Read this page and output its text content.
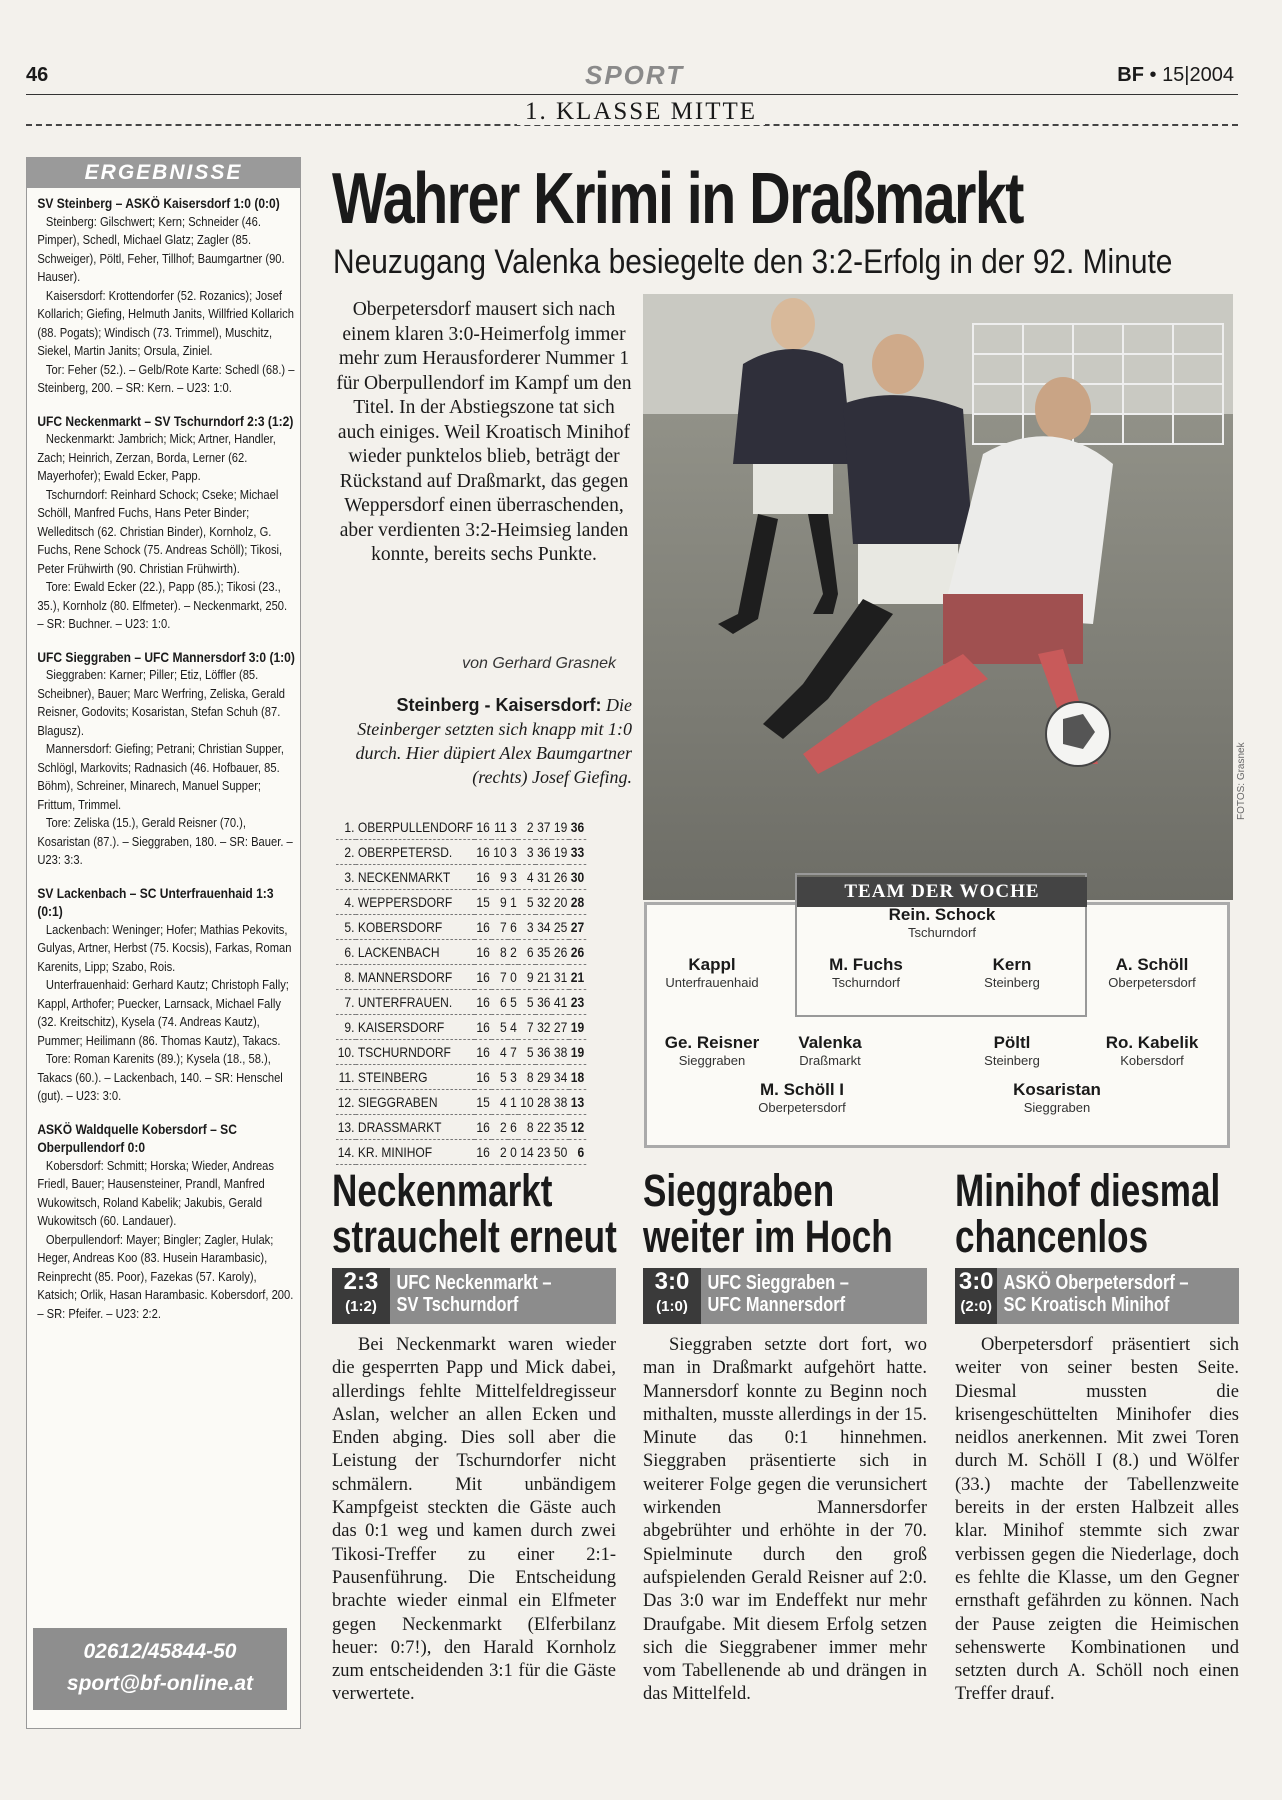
46	SPORT	BF • 15|2004
1. KLASSE MITTE
ERGEBNISSE
SV Steinberg – ASKÖ Kaisersdorf 1:0 (0:0)
Steinberg: Gilschwert; Kern; Schneider (46. Pimper), Schedl, Michael Glatz; Zagler (85. Schweiger), Pöltl, Feher, Tillhof; Baumgartner (90. Hauser).
Kaisersdorf: Krottendorfer (52. Rozanics); Josef Kollarich; Giefing, Helmuth Janits, Willfried Kollarich (88. Pogats); Windisch (73. Trimmel), Muschitz, Siekel, Martin Janits; Orsula, Ziniel.
Tor: Feher (52.). – Gelb/Rote Karte: Schedl (68.) – Steinberg, 200. – SR: Kern. – U23: 1:0.
UFC Neckenmarkt – SV Tschurndorf 2:3 (1:2)
Neckenmarkt: Jambrich; Mick; Artner, Handler, Zach; Heinrich, Zerzan, Borda, Lerner (62. Mayerhofer); Ewald Ecker, Papp.
Tschurndorf: Reinhard Schock; Cseke; Michael Schöll, Manfred Fuchs, Hans Peter Binder; Welleditsch (62. Christian Binder), Kornholz, G. Fuchs, Rene Schock (75. Andreas Schöll); Tikosi, Peter Frühwirth (90. Christian Frühwirth).
Tore: Ewald Ecker (22.), Papp (85.); Tikosi (23., 35.), Kornholz (80. Elfmeter). – Neckenmarkt, 250. – SR: Buchner. – U23: 1:0.
UFC Sieggraben – UFC Mannersdorf 3:0 (1:0)
Sieggraben: Karner; Piller; Etiz, Löffler (85. Scheibner), Bauer; Marc Werfring, Zeliska, Gerald Reisner, Godovits; Kosaristan, Stefan Schuh (87. Blagusz).
Mannersdorf: Giefing; Petrani; Christian Supper, Schlögl, Markovits; Radnasich (46. Hofbauer, 85. Böhm), Schreiner, Minarech, Manuel Supper; Frittum, Trimmel.
Tore: Zeliska (15.), Gerald Reisner (70.), Kosaristan (87.). – Sieggraben, 180. – SR: Bauer. – U23: 3:3.
SV Lackenbach – SC Unterfrauenhaid 1:3 (0:1)
Lackenbach: Weninger; Hofer; Mathias Pekovits, Gulyas, Artner, Herbst (75. Kocsis), Farkas, Roman Karenits, Lipp; Szabo, Rois.
Unterfrauenhaid: Gerhard Kautz; Christoph Fally; Kappl, Arthofer; Puecker, Larnsack, Michael Fally (32. Kreitschitz), Kysela (74. Andreas Kautz), Pummer; Heilimann (86. Thomas Kautz), Takacs.
Tore: Roman Karenits (89.); Kysela (18., 58.), Takacs (60.). – Lackenbach, 140. – SR: Henschel (gut). – U23: 3:0.
ASKÖ Waldquelle Kobersdorf – SC Oberpullendorf 0:0
Kobersdorf: Schmitt; Horska; Wieder, Andreas Friedl, Bauer; Hausensteiner, Prandl, Manfred Wukowitsch, Roland Kabelik; Jakubis, Gerald Wukowitsch (60. Landauer).
Oberpullendorf: Mayer; Bingler; Zagler, Hulak; Heger, Andreas Koo (83. Husein Harambasic), Reinprecht (85. Poor), Fazekas (57. Karoly), Katsich; Orlik, Hasan Harambasic. Kobersdorf, 200. – SR: Pfeifer. – U23: 2:2.
02612/45844-50
sport@bf-online.at
Wahrer Krimi in Draßmarkt
Neuzugang Valenka besiegelte den 3:2-Erfolg in der 92. Minute
Oberpetersdorf mausert sich nach einem klaren 3:0-Heimerfolg immer mehr zum Herausforderer Nummer 1 für Oberpullendorf im Kampf um den Titel. In der Abstiegszone tat sich auch einiges. Weil Kroatisch Minihof wieder punktelos blieb, beträgt der Rückstand auf Draßmarkt, das gegen Weppersdorf einen überraschenden, aber verdienten 3:2-Heimsieg landen konnte, bereits sechs Punkte.
von Gerhard Grasnek
Steinberg - Kaisersdorf: Die Steinberger setzten sich knapp mit 1:0 durch. Hier düpiert Alex Baumgartner (rechts) Josef Giefing.	FOTOS: Grasnek
1.	OBERPULLENDORF	16	11	3	2	37	19	36
2.	OBERPETERSD.	16	10	3	3	36	19	33
3.	NECKENMARKT	16	9	3	4	31	26	30
4.	WEPPERSDORF	15	9	1	5	32	20	28
5.	KOBERSDORF	16	7	6	3	34	25	27
6.	LACKENBACH	16	8	2	6	35	26	26
8.	MANNERSDORF	16	7	0	9	21	31	21
7.	UNTERFRAUEN.	16	6	5	5	36	41	23
9.	KAISERSDORF	16	5	4	7	32	27	19
10.	TSCHURNDORF	16	4	7	5	36	38	19
11.	STEINBERG	16	5	3	8	29	34	18
12.	SIEGGRABEN	15	4	1	10	28	38	13
13.	DRASSMARKT	16	2	6	8	22	35	12
14.	KR. MINIHOF	16	2	0	14	23	50	6
TEAM DER WOCHE
Rein. Schock
Tschurndorf
Kappl
Unterfrauenhaid
M. Fuchs
Tschurndorf
Kern
Steinberg
A. Schöll
Oberpetersdorf
Ge. Reisner
Sieggraben
Valenka
Draßmarkt
Pöltl
Steinberg
Ro. Kabelik
Kobersdorf
M. Schöll I
Oberpetersdorf
Kosaristan
Sieggraben
Neckenmarkt
strauchelt erneut
2:3
(1:2)
UFC Neckenmarkt –
SV Tschurndorf
Bei Neckenmarkt waren wieder die gesperrten Papp und Mick dabei, allerdings fehlte Mittelfeldregisseur Aslan, welcher an allen Ecken und Enden abging. Dies soll aber die Leistung der Tschurndorfer nicht schmälern. Mit unbändigem Kampfgeist steckten die Gäste auch das 0:1 weg und kamen durch zwei Tikosi-Treffer zu einer 2:1-Pausenführung. Die Entscheidung brachte wieder einmal ein Elfmeter gegen Neckenmarkt (Elferbilanz heuer: 0:7!), den Harald Kornholz zum entscheidenden 3:1 für die Gäste verwertete.
Sieggraben
weiter im Hoch
3:0
(1:0)
UFC Sieggraben –
UFC Mannersdorf
Sieggraben setzte dort fort, wo man in Draßmarkt aufgehört hatte. Mannersdorf konnte zu Beginn noch mithalten, musste allerdings in der 15. Minute das 0:1 hinnehmen. Sieggraben präsentierte sich in weiterer Folge gegen die verunsichert wirkenden Mannersdorfer abgebrühter und erhöhte in der 70. Spielminute durch den groß aufspielenden Gerald Reisner auf 2:0. Das 3:0 war im Endeffekt nur mehr Draufgabe. Mit diesem Erfolg setzen sich die Sieggrabener immer mehr vom Tabellenende ab und drängen in das Mittelfeld.
Minihof diesmal
chancenlos
3:0
(2:0)
ASKÖ Oberpetersdorf –
SC Kroatisch Minihof
Oberpetersdorf präsentiert sich weiter von seiner besten Seite. Diesmal mussten die krisengeschüttelten Minihofer dies neidlos anerkennen. Mit zwei Toren durch M. Schöll I (8.) und Wölfer (33.) machte der Tabellenzweite bereits in der ersten Halbzeit alles klar. Minihof stemmte sich zwar verbissen gegen die Niederlage, doch es fehlte die Klasse, um den Gegner ernsthaft gefährden zu können. Nach der Pause zeigten die Heimischen sehenswerte Kombinationen und setzten durch A. Schöll noch einen Treffer drauf.
